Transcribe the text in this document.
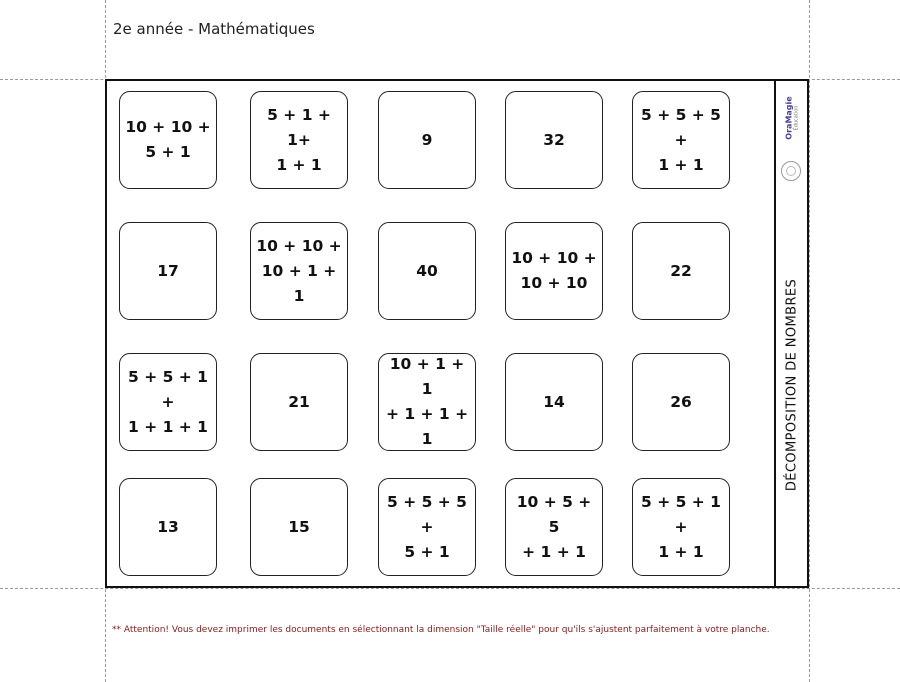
2e année - Mathématiques
10 + 10 +
5 + 1
5 + 1 + 1+
1 + 1
9	32
5 + 5 + 5 +
1 + 1
17
10 + 10 +
10 + 1 + 1
40
10 + 10 +
10 + 10
22
5 + 5 + 1 +
1 + 1 + 1
21
10 + 1 + 1
+ 1 + 1 + 1
14	26
13	15
5 + 5 + 5 +
5 + 1
10 + 5 + 5
+ 1 + 1
5 + 5 + 1 +
1 + 1
OraMagie Éducation
DÉCOMPOSITION DE NOMBRES
** Attention! Vous devez imprimer les documents en sélectionnant la dimension "Taille réelle" pour qu'ils s'ajustent parfaitement à votre planche.
